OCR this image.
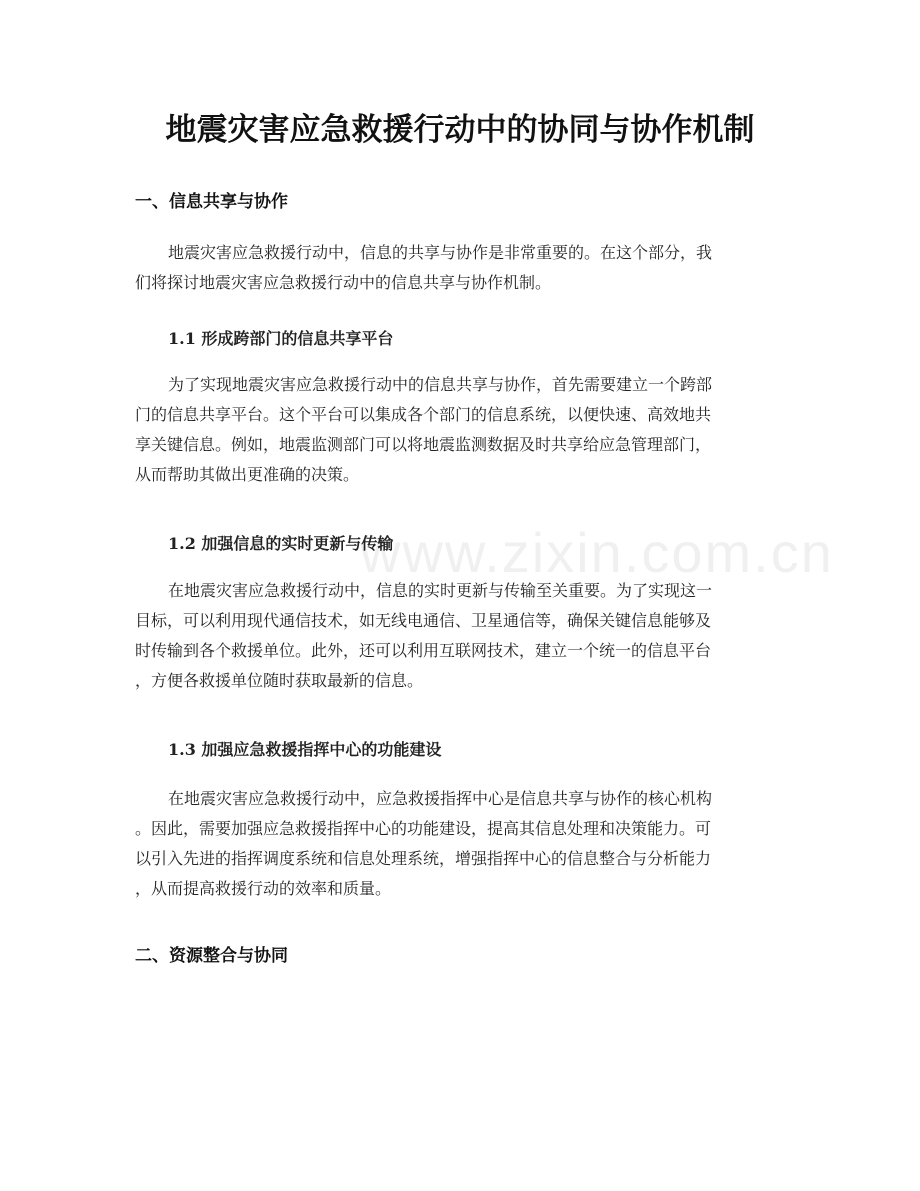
www.zixin.com.cn
地震灾害应急救援行动中的协同与协作机制
一、信息共享与协作
地震灾害应急救援行动中，信息的共享与协作是非常重要的。在这个部分，我
们将探讨地震灾害应急救援行动中的信息共享与协作机制。
1.1 形成跨部门的信息共享平台
为了实现地震灾害应急救援行动中的信息共享与协作，首先需要建立一个跨部
门的信息共享平台。这个平台可以集成各个部门的信息系统，以便快速、高效地共
享关键信息。例如，地震监测部门可以将地震监测数据及时共享给应急管理部门，
从而帮助其做出更准确的决策。
1.2 加强信息的实时更新与传输
在地震灾害应急救援行动中，信息的实时更新与传输至关重要。为了实现这一
目标，可以利用现代通信技术，如无线电通信、卫星通信等，确保关键信息能够及
时传输到各个救援单位。此外，还可以利用互联网技术，建立一个统一的信息平台
，方便各救援单位随时获取最新的信息。
1.3 加强应急救援指挥中心的功能建设
在地震灾害应急救援行动中，应急救援指挥中心是信息共享与协作的核心机构
。因此，需要加强应急救援指挥中心的功能建设，提高其信息处理和决策能力。可
以引入先进的指挥调度系统和信息处理系统，增强指挥中心的信息整合与分析能力
，从而提高救援行动的效率和质量。
二、资源整合与协同
